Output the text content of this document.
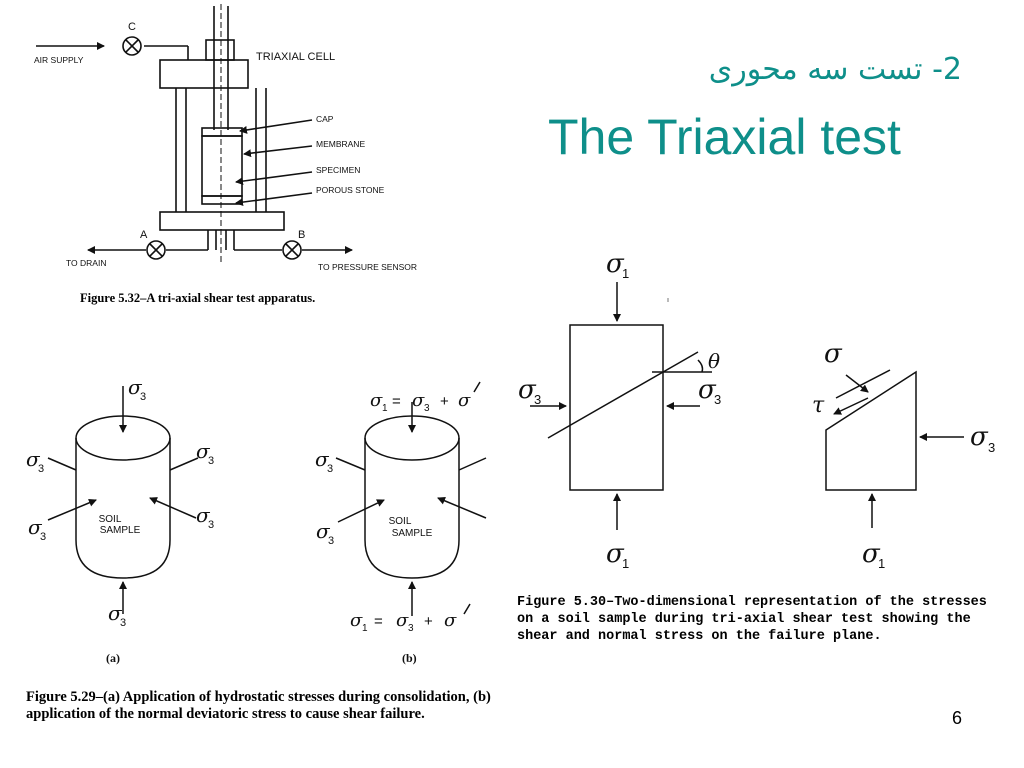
2- تست سه محوری
The Triaxial test
C
A	B
AIR SUPPLY	TRIAXIAL CELL
CAP
MEMBRANE
SPECIMEN
POROUS STONE
TO DRAIN	TO PRESSURE SENSOR
σ
3
σ
3
σ
3
σ
3
σ
3
σ
3
SOIL
SAMPLE
(a)
σ 1 = σ 3 + σ
σ
3
σ
3
σ 1 = σ 3 + σ
SOIL
SAMPLE
(b)
σ
1
σ
1
σ
3	σ
3
θ	σ
τ
σ 3
σ
1
Figure 5.32–A tri-axial shear test apparatus.
Figure 5.29–(a) Application of hydrostatic stresses during consolidation, (b) application of the normal deviatoric stress to cause shear failure.
Figure 5.30–Two-dimensional representation of the stresses on a soil sample during tri-axial shear test showing the shear and normal stress on the failure plane.
6
